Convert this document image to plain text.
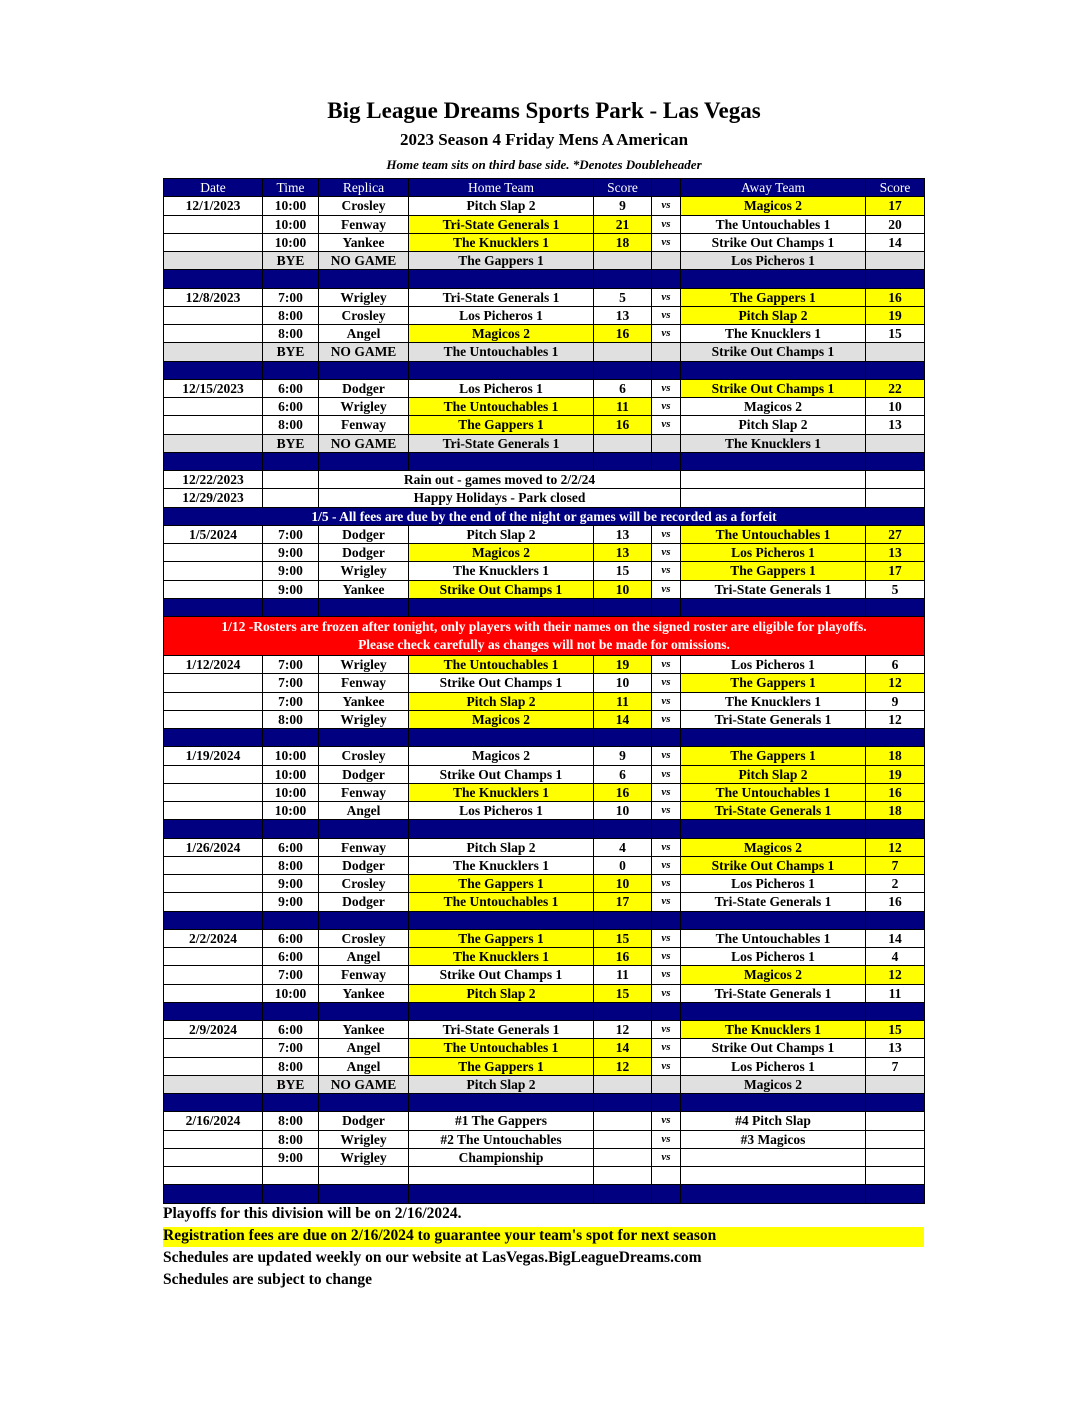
Big League Dreams Sports Park - Las Vegas
2023 Season 4 Friday Mens A American
Home team sits on third base side. *Denotes Doubleheader
Date	Time	Replica	Home Team	Score		Away Team	Score
12/1/2023	10:00	Crosley	Pitch Slap 2	9	vs	Magicos 2	17
	10:00	Fenway	Tri-State Generals 1	21	vs	The Untouchables 1	20
	10:00	Yankee	The Knucklers 1	18	vs	Strike Out Champs 1	14
	BYE	NO GAME	The Gappers 1			Los Picheros 1	

12/8/2023	7:00	Wrigley	Tri-State Generals 1	5	vs	The Gappers 1	16
	8:00	Crosley	Los Picheros 1	13	vs	Pitch Slap 2	19
	8:00	Angel	Magicos 2	16	vs	The Knucklers 1	15
	BYE	NO GAME	The Untouchables 1			Strike Out Champs 1	

12/15/2023	6:00	Dodger	Los Picheros 1	6	vs	Strike Out Champs 1	22
	6:00	Wrigley	The Untouchables 1	11	vs	Magicos 2	10
	8:00	Fenway	The Gappers 1	16	vs	Pitch Slap 2	13
	BYE	NO GAME	Tri-State Generals 1			The Knucklers 1	

12/22/2023		Rain out - games moved to 2/2/24					
12/29/2023		Happy Holidays - Park closed					
1/5 - All fees are due by the end of the night or games will be recorded as a forfeit							
1/5/2024	7:00	Dodger	Pitch Slap 2	13	vs	The Untouchables 1	27
	9:00	Dodger	Magicos 2	13	vs	Los Picheros 1	13
	9:00	Wrigley	The Knucklers 1	15	vs	The Gappers 1	17
	9:00	Yankee	Strike Out Champs 1	10	vs	Tri-State Generals 1	5

1/12 -Rosters are frozen after tonight, only players with their names on the signed roster are eligible for playoffs.
Please check carefully as changes will not be made for omissions.							

1/12/2024	7:00	Wrigley	The Untouchables 1	19	vs	Los Picheros 1	6
	7:00	Fenway	Strike Out Champs 1	10	vs	The Gappers 1	12
	7:00	Yankee	Pitch Slap 2	11	vs	The Knucklers 1	9
	8:00	Wrigley	Magicos 2	14	vs	Tri-State Generals 1	12

1/19/2024	10:00	Crosley	Magicos 2	9	vs	The Gappers 1	18
	10:00	Dodger	Strike Out Champs 1	6	vs	Pitch Slap 2	19
	10:00	Fenway	The Knucklers 1	16	vs	The Untouchables 1	16
	10:00	Angel	Los Picheros 1	10	vs	Tri-State Generals 1	18

1/26/2024	6:00	Fenway	Pitch Slap 2	4	vs	Magicos 2	12
	8:00	Dodger	The Knucklers 1	0	vs	Strike Out Champs 1	7
	9:00	Crosley	The Gappers 1	10	vs	Los Picheros 1	2
	9:00	Dodger	The Untouchables 1	17	vs	Tri-State Generals 1	16

2/2/2024	6:00	Crosley	The Gappers 1	15	vs	The Untouchables 1	14
	6:00	Angel	The Knucklers 1	16	vs	Los Picheros 1	4
	7:00	Fenway	Strike Out Champs 1	11	vs	Magicos 2	12
	10:00	Yankee	Pitch Slap 2	15	vs	Tri-State Generals 1	11

2/9/2024	6:00	Yankee	Tri-State Generals 1	12	vs	The Knucklers 1	15
	7:00	Angel	The Untouchables 1	14	vs	Strike Out Champs 1	13
	8:00	Angel	The Gappers 1	12	vs	Los Picheros 1	7
	BYE	NO GAME	Pitch Slap 2			Magicos 2	

2/16/2024	8:00	Dodger	#1 The Gappers		vs	#4 Pitch Slap	
	8:00	Wrigley	#2 The Untouchables		vs	#3 Magicos	
	9:00	Wrigley	Championship		vs		

Playoffs for this division will be on 2/16/2024.
Registration fees are due on 2/16/2024 to guarantee your team's spot for next season
Schedules are updated weekly on our website at LasVegas.BigLeagueDreams.com
Schedules are subject to change
